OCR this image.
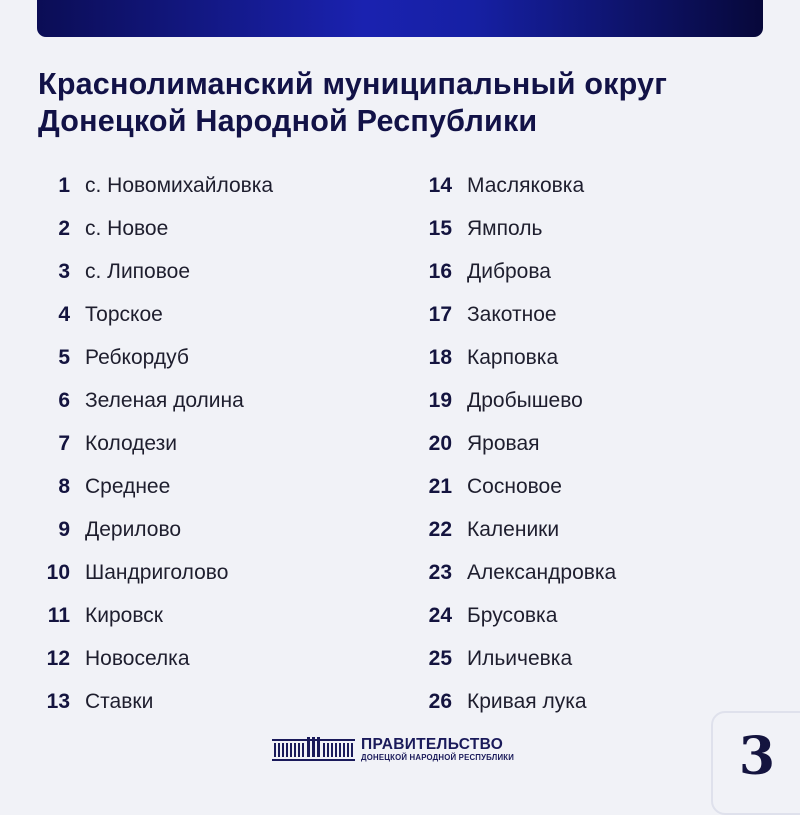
Краснолиманский муниципальный округ Донецкой Народной Республики
1 с. Новомихайловка
2 с. Новое
3 с. Липовое
4 Торское
5 Ребкордуб
6 Зеленая долина
7 Колодези
8 Среднее
9 Дерилово
10 Шандриголово
11 Кировск
12 Новоселка
13 Ставки
14 Масляковка
15 Ямполь
16 Диброва
17 Закотное
18 Карповка
19 Дробышево
20 Яровая
21 Сосновое
22 Каленики
23 Александровка
24 Брусовка
25 Ильичевка
26 Кривая лука
ПРАВИТЕЛЬСТВО
ДОНЕЦКОЙ НАРОДНОЙ РЕСПУБЛИКИ	3
